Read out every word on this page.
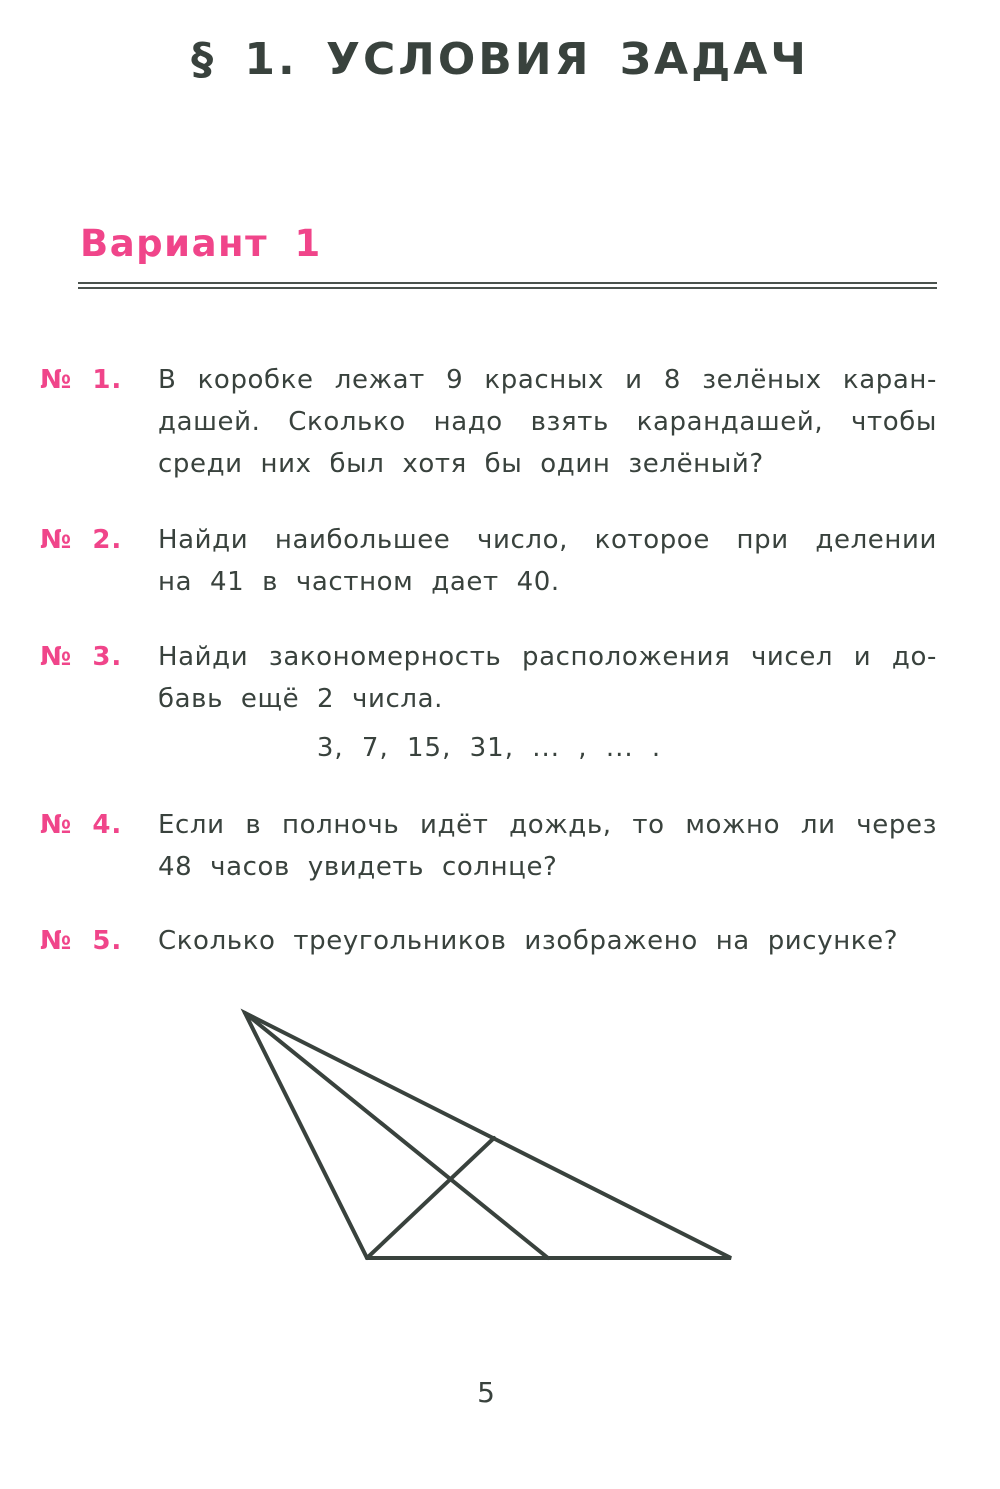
§ 1. УСЛОВИЯ ЗАДАЧ
Вариант 1
№ 1. В коробке лежат 9 красных и 8 зелёных каран-
дашей. Сколько надо взять карандашей, чтобы
среди них был хотя бы один зелёный?
№ 2. Найди наибольшее число, которое при делении
на 41 в частном дает 40.
№ 3. Найди закономерность расположения чисел и до-
бавь ещё 2 числа.
3, 7, 15, 31, ... , ... .
№ 4. Если в полночь идёт дождь, то можно ли через
48 часов увидеть солнце?
№ 5. Сколько треугольников изображено на рисунке?
5
